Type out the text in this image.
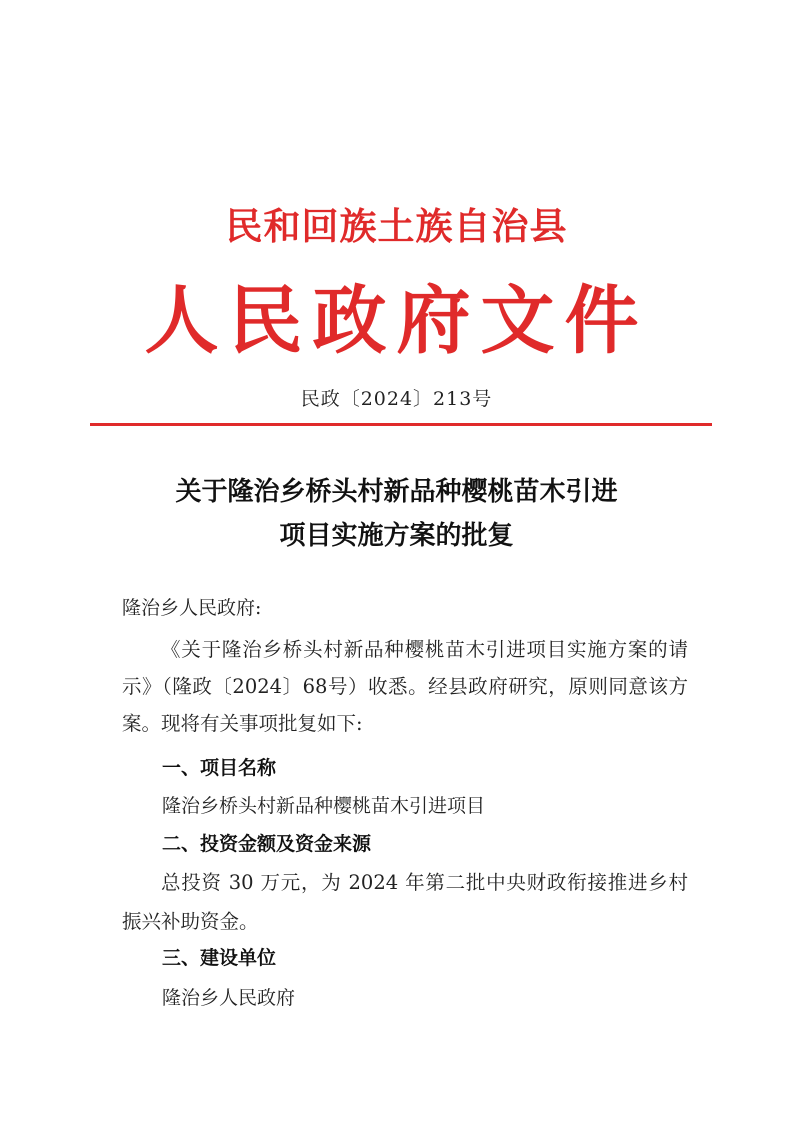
民和回族土族自治县
人民政府文件
民政〔2024〕213号
关于隆治乡桥头村新品种樱桃苗木引进
项目实施方案的批复
隆治乡人民政府:
《关于隆治乡桥头村新品种樱桃苗木引进项目实施方案的请示》（隆政〔2024〕68号）收悉。经县政府研究，原则同意该方案。现将有关事项批复如下:
一、项目名称
隆治乡桥头村新品种樱桃苗木引进项目
二、投资金额及资金来源
总投资 30 万元，为 2024 年第二批中央财政衔接推进乡村振兴补助资金。
三、建设单位
隆治乡人民政府
